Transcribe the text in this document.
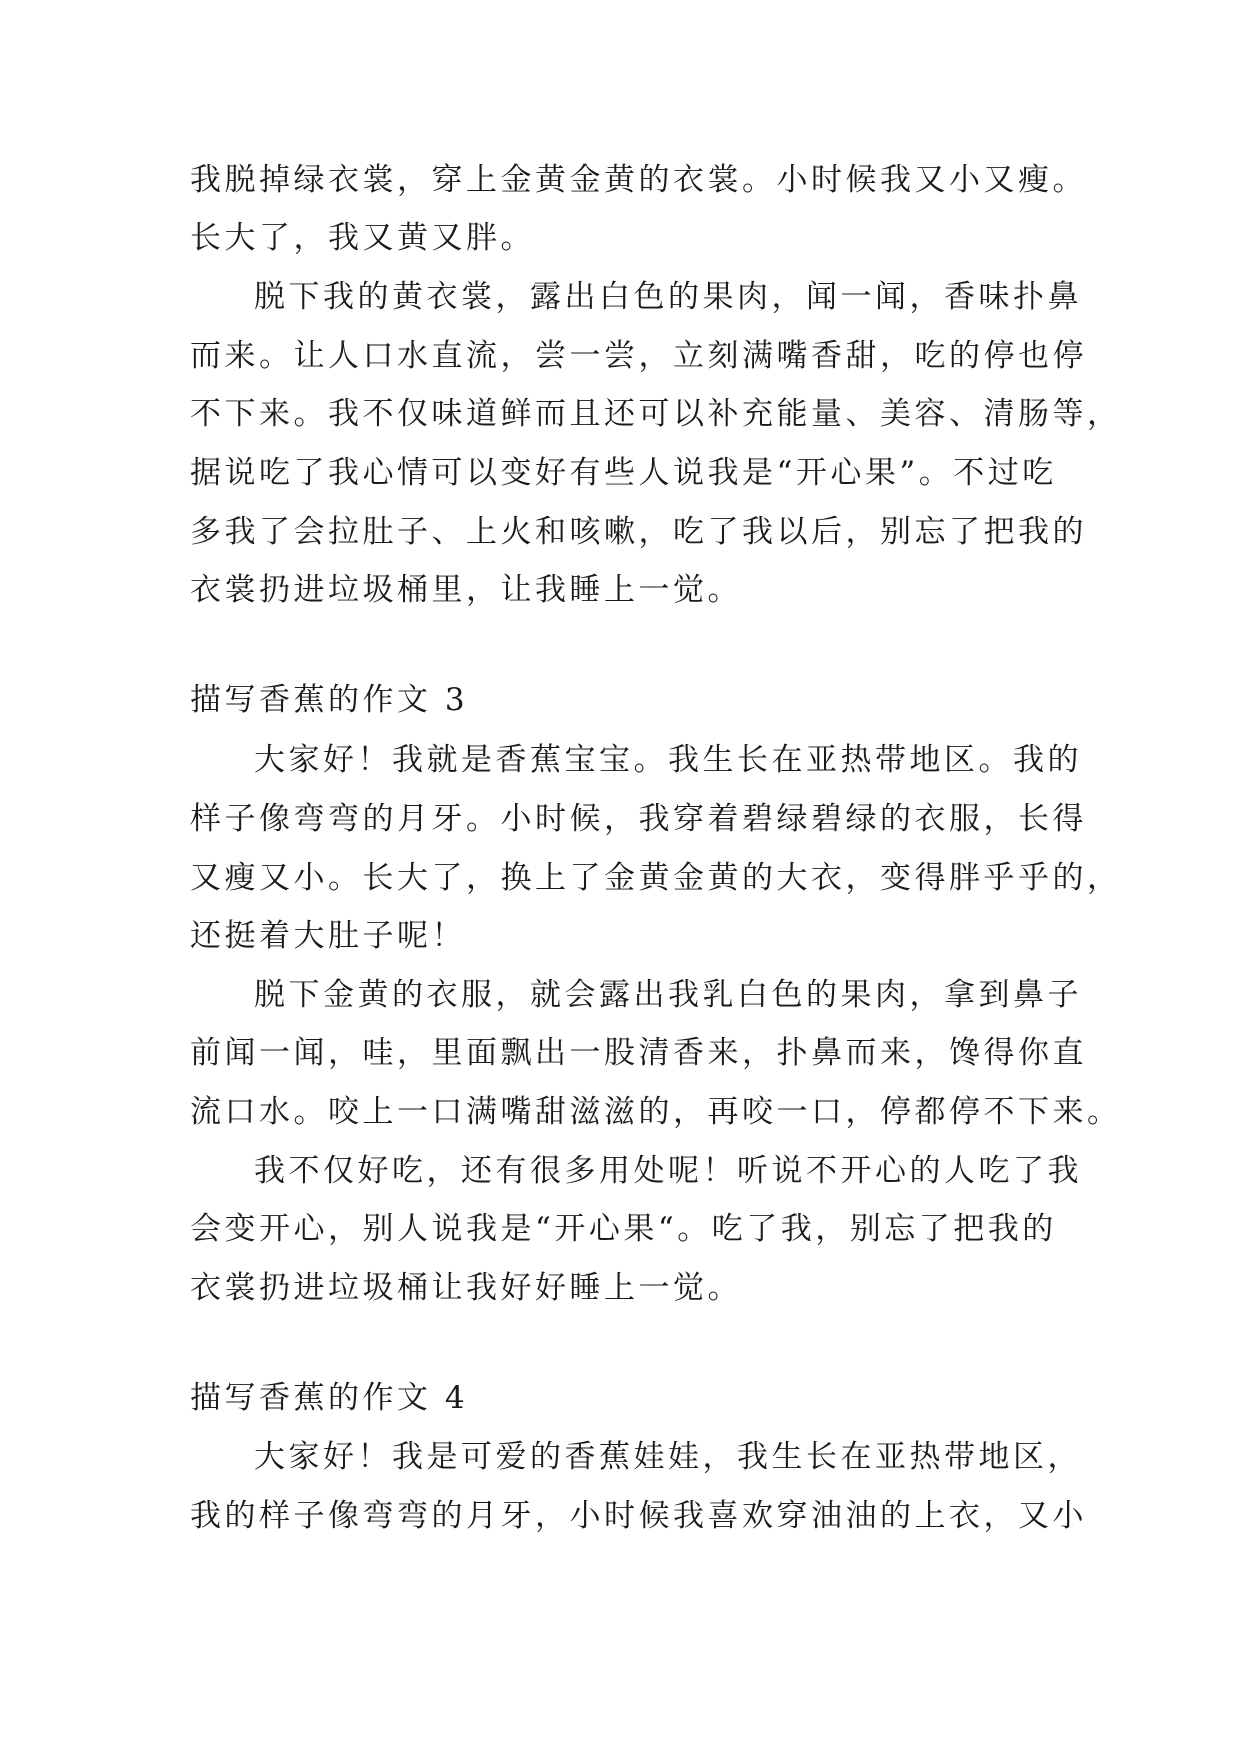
我脱掉绿衣裳，穿上金黄金黄的衣裳。小时候我又小又瘦。
长大了，我又黄又胖。
脱下我的黄衣裳，露出白色的果肉，闻一闻，香味扑鼻
而来。让人口水直流，尝一尝，立刻满嘴香甜，吃的停也停
不下来。我不仅味道鲜而且还可以补充能量、美容、清肠等，
据说吃了我心情可以变好有些人说我是“开心果”。不过吃
多我了会拉肚子、上火和咳嗽，吃了我以后，别忘了把我的
衣裳扔进垃圾桶里，让我睡上一觉。
描写香蕉的作文 3
大家好！我就是香蕉宝宝。我生长在亚热带地区。我的
样子像弯弯的月牙。小时候，我穿着碧绿碧绿的衣服，长得
又瘦又小。长大了，换上了金黄金黄的大衣，变得胖乎乎的，
还挺着大肚子呢！
脱下金黄的衣服，就会露出我乳白色的果肉，拿到鼻子
前闻一闻，哇，里面飘出一股清香来，扑鼻而来，馋得你直
流口水。咬上一口满嘴甜滋滋的，再咬一口，停都停不下来。
我不仅好吃，还有很多用处呢！听说不开心的人吃了我
会变开心，别人说我是“开心果“。吃了我，别忘了把我的
衣裳扔进垃圾桶让我好好睡上一觉。
描写香蕉的作文 4
大家好！我是可爱的香蕉娃娃，我生长在亚热带地区，
我的样子像弯弯的月牙，小时候我喜欢穿油油的上衣，又小
